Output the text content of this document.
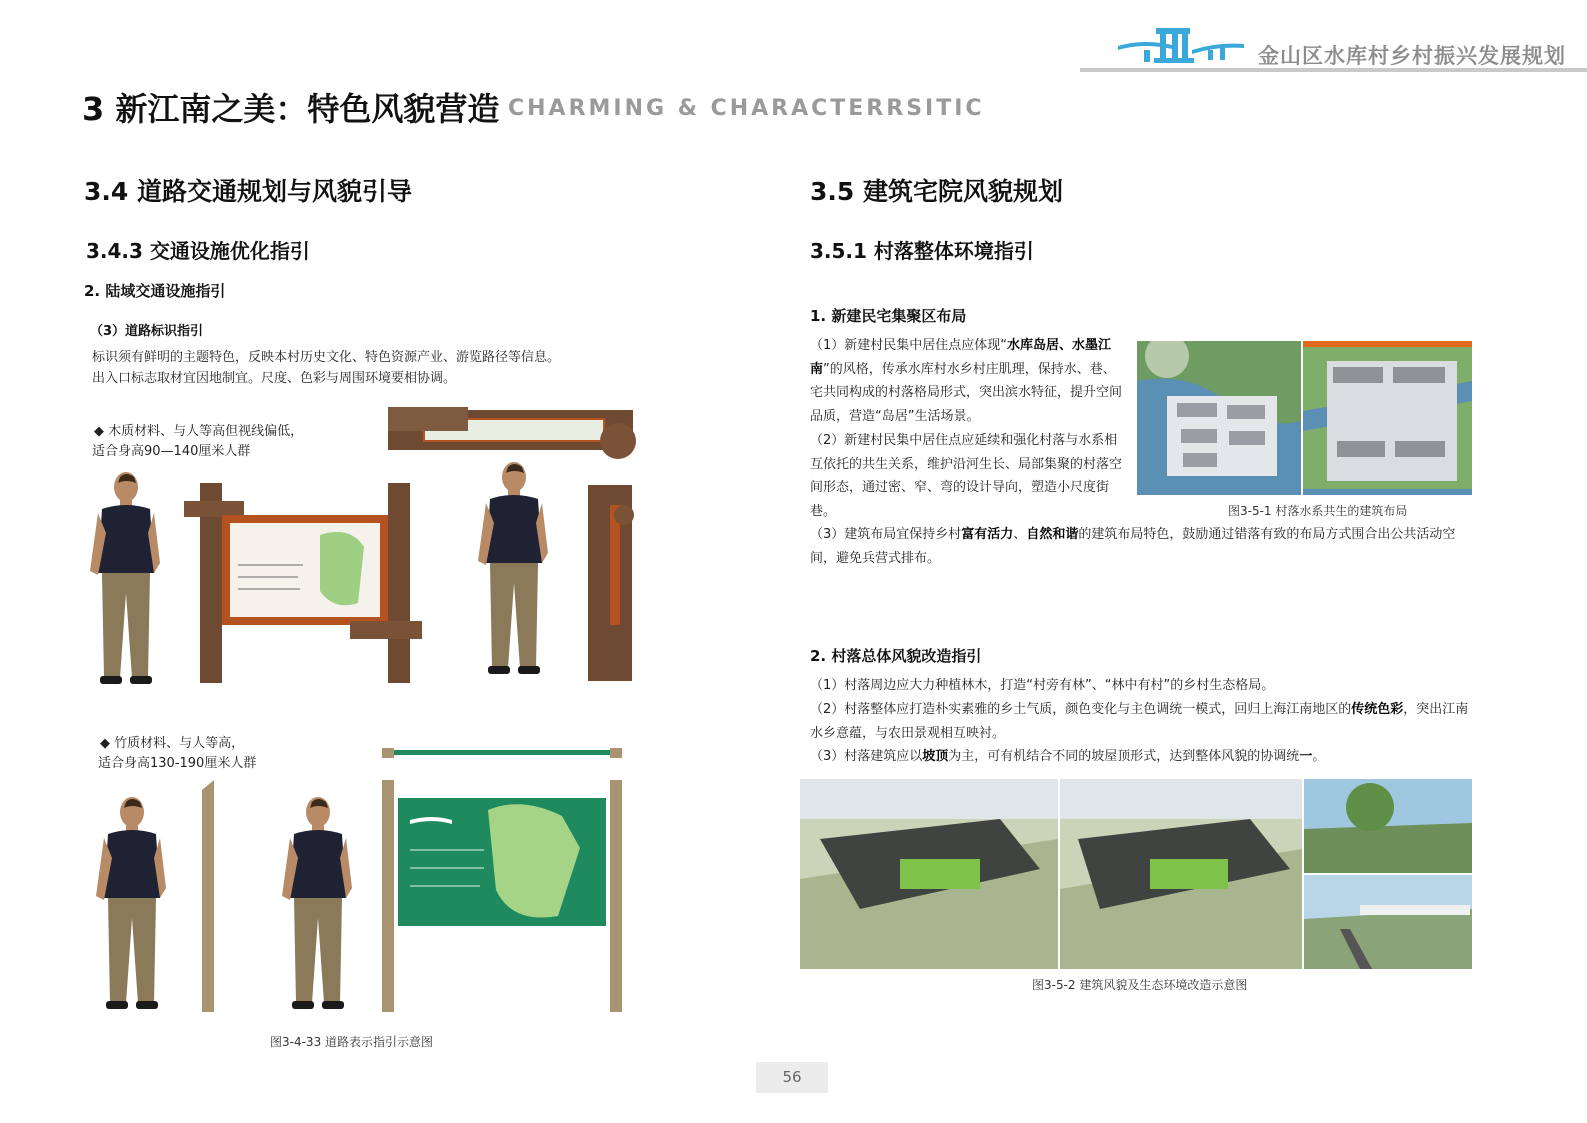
金山区水库村乡村振兴发展规划
3 新江南之美：特色风貌营造 CHARMING & CHARACTERRSITIC
3.4 道路交通规划与风貌引导
3.4.3 交通设施优化指引
2. 陆域交通设施指引
（3）道路标识指引
标识须有鲜明的主题特色，反映本村历史文化、特色资源产业、游览路径等信息。
出入口标志取材宜因地制宜。尺度、色彩与周围环境要相协调。
◆ 木质材料、与人等高但视线偏低，
适合身高90—140厘米人群
◆ 竹质材料、与人等高，
适合身高130-190厘米人群
图3-4-33 道路表示指引示意图
3.5 建筑宅院风貌规划
3.5.1 村落整体环境指引
1. 新建民宅集聚区布局
（1）新建村民集中居住点应体现“水库岛居、水墨江南”的风格，传承水库村水乡村庄肌理，保持水、巷、宅共同构成的村落格局形式，突出滨水特征，提升空间品质，营造“岛居”生活场景。
（2）新建村民集中居住点应延续和强化村落与水系相互依托的共生关系，维护沿河生长、局部集聚的村落空间形态，通过密、窄、弯的设计导向，塑造小尺度街巷。
（3）建筑布局宜保持乡村富有活力、自然和谐的建筑布局特色，鼓励通过错落有致的布局方式围合出公共活动空间，避免兵营式排布。
图3-5-1 村落水系共生的建筑布局
2. 村落总体风貌改造指引
（1）村落周边应大力种植林木，打造“村旁有林”、“林中有村”的乡村生态格局。
（2）村落整体应打造朴实素雅的乡土气质，颜色变化与主色调统一模式，回归上海江南地区的传统色彩，突出江南水乡意蕴，与农田景观相互映衬。
（3）村落建筑应以坡顶为主，可有机结合不同的坡屋顶形式，达到整体风貌的协调统一。
图3-5-2 建筑风貌及生态环境改造示意图
56
